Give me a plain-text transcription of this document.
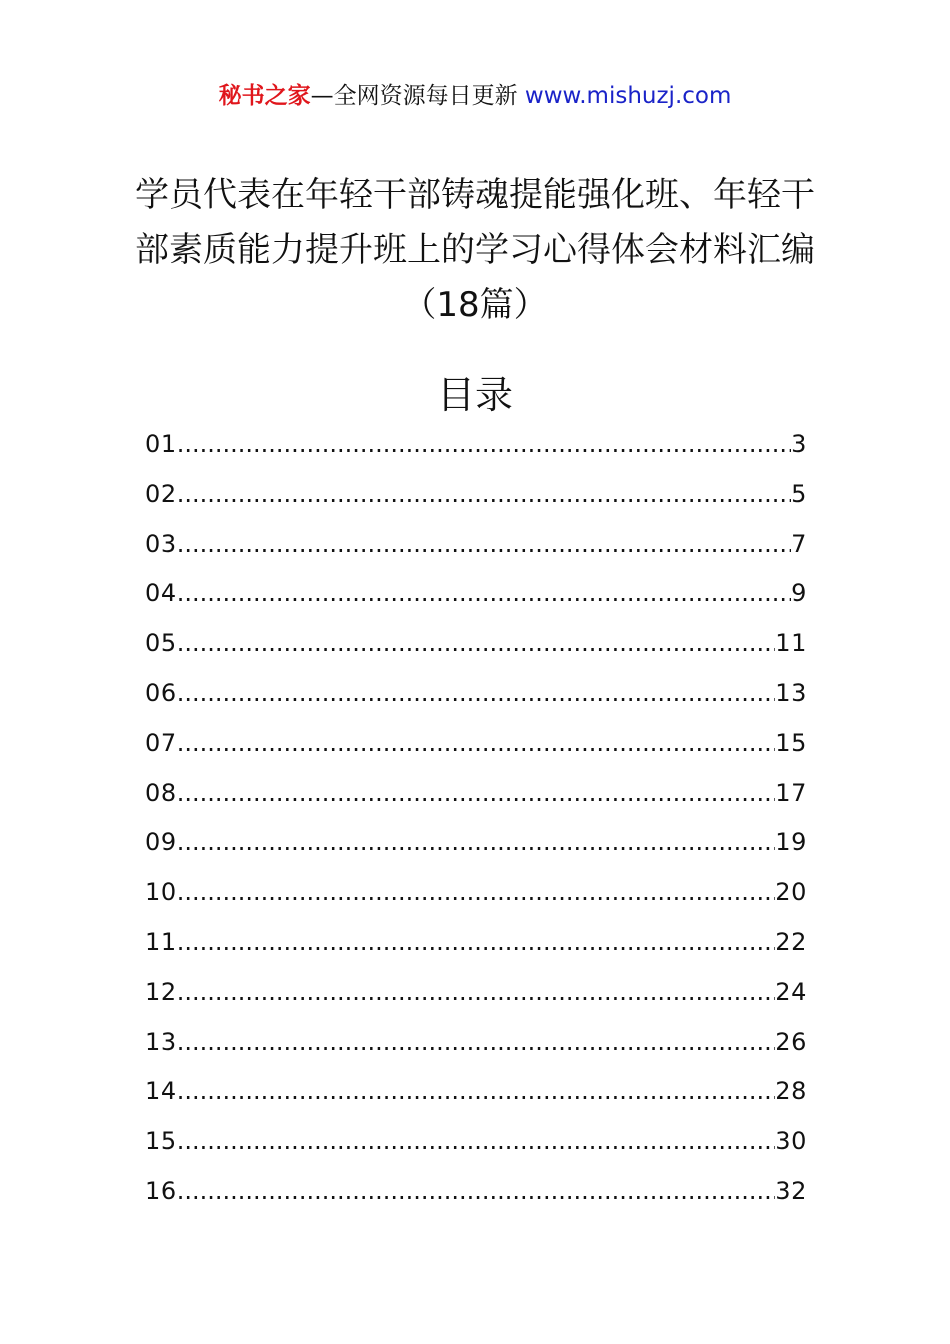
秘书之家—全网资源每日更新 www.mishuzj.com
学员代表在年轻干部铸魂提能强化班、年轻干部素质能力提升班上的学习心得体会材料汇编（18篇）
目录
01 .....	3
02 .....	5
03 .....	7
04 .....	9
05 .....	11
06 .....	13
07 .....	15
08 .....	17
09 .....	19
10 .....	20
11 .....	22
12 .....	24
13 .....	26
14 .....	28
15 .....	30
16 .....	32
